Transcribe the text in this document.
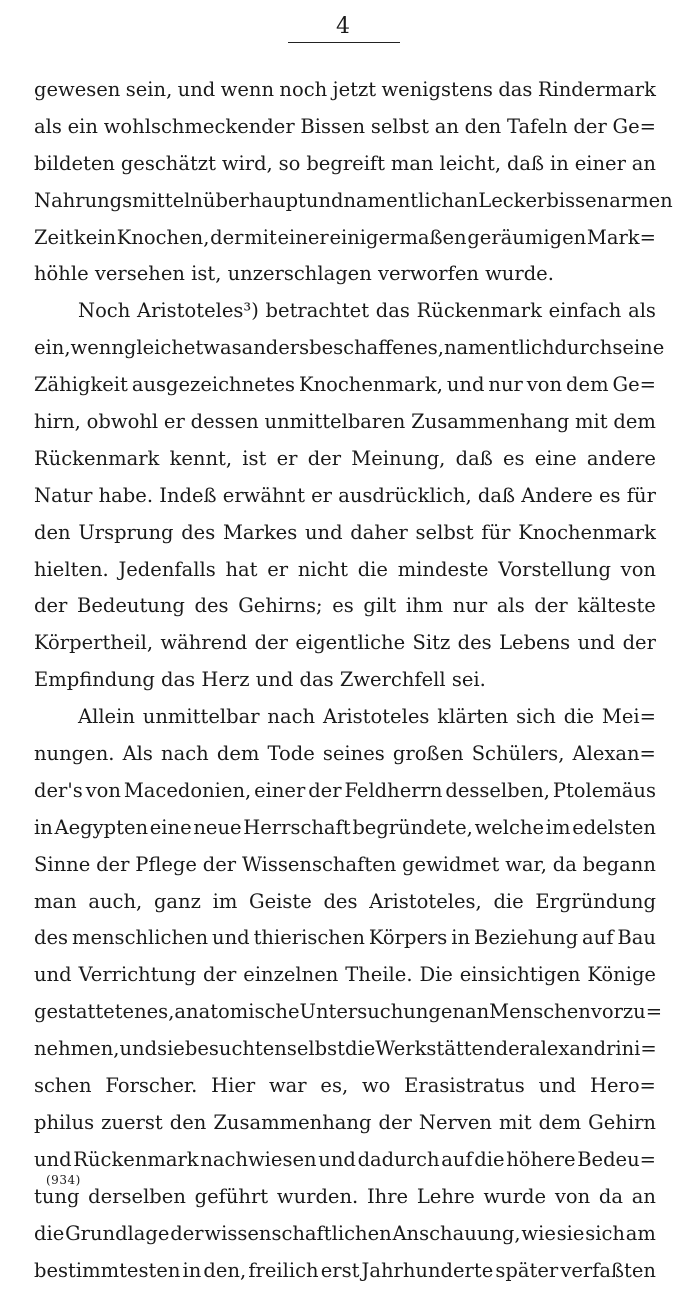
4
gewesen sein, und wenn noch jetzt wenigstens das Rindermark
als ein wohlschmeckender Bissen selbst an den Tafeln der Ge=
bildeten geschätzt wird, so begreift man leicht, daß in einer an
Nahrungsmitteln überhaupt und namentlich an Leckerbissen armen
Zeit kein Knochen, der mit einer einigermaßen geräumigen Mark=
höhle versehen ist, unzerschlagen verworfen wurde.
Noch Aristoteles³) betrachtet das Rückenmark einfach als
ein, wenngleich etwas anders beschaffenes, namentlich durch seine
Zähigkeit ausgezeichnetes Knochenmark, und nur von dem Ge=
hirn, obwohl er dessen unmittelbaren Zusammenhang mit dem
Rückenmark kennt, ist er der Meinung, daß es eine andere
Natur habe. Indeß erwähnt er ausdrücklich, daß Andere es für
den Ursprung des Markes und daher selbst für Knochenmark
hielten. Jedenfalls hat er nicht die mindeste Vorstellung von
der Bedeutung des Gehirns; es gilt ihm nur als der kälteste
Körpertheil, während der eigentliche Sitz des Lebens und der
Empfindung das Herz und das Zwerchfell sei.
Allein unmittelbar nach Aristoteles klärten sich die Mei=
nungen. Als nach dem Tode seines großen Schülers, Alexan=
der's von Macedonien, einer der Feldherrn desselben, Ptolemäus
in Aegypten eine neue Herrschaft begründete, welche im edelsten
Sinne der Pflege der Wissenschaften gewidmet war, da begann
man auch, ganz im Geiste des Aristoteles, die Ergründung
des menschlichen und thierischen Körpers in Beziehung auf Bau
und Verrichtung der einzelnen Theile. Die einsichtigen Könige
gestatteten es, anatomische Untersuchungen an Menschen vorzu=
nehmen, und sie besuchten selbst die Werkstätten der alexandrini=
schen Forscher. Hier war es, wo Erasistratus und Hero=
philus zuerst den Zusammenhang der Nerven mit dem Gehirn
und Rückenmark nachwiesen und dadurch auf die höhere Bedeu=
tung derselben geführt wurden. Ihre Lehre wurde von da an
die Grundlage der wissenschaftlichen Anschauung, wie sie sich am
bestimmtesten in den, freilich erst Jahrhunderte später verfaßten
(934)
